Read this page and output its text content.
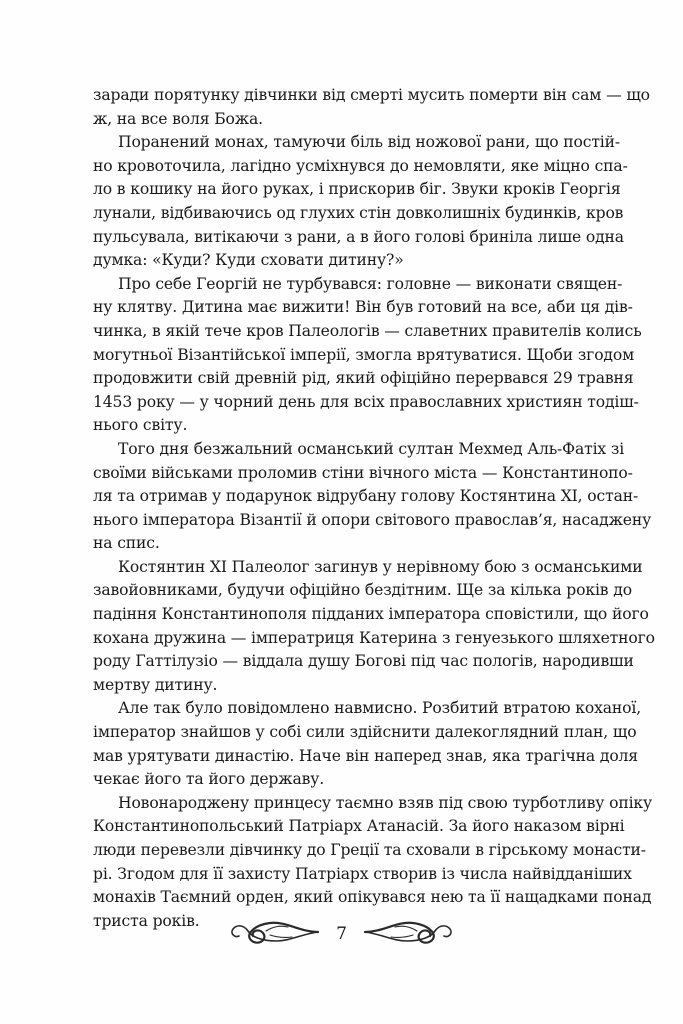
заради порятунку дівчинки від смерті мусить померти він сам — що
ж, на все воля Божа.
Поранений монах, тамуючи біль від ножової рани, що постій-
но кровоточила, лагідно усміхнувся до немовляти, яке міцно спа-
ло в кошику на його руках, і прискорив біг. Звуки кроків Георгія
лунали, відбиваючись од глухих стін довколишніх будинків, кров
пульсувала, витікаючи з рани, а в його голові бриніла лише одна
думка: «Куди? Куди сховати дитину?»
Про себе Георгій не турбувався: головне — виконати священ-
ну клятву. Дитина має вижити! Він був готовий на все, аби ця дів-
чинка, в якій тече кров Палеологів — славетних правителів колись
могутньої Візантійської імперії, змогла врятуватися. Щоби згодом
продовжити свій древній рід, який офіційно перервався 29 травня
1453 року — у чорний день для всіх православних християн тодіш-
нього світу.
Того дня безжальний османський султан Мехмед Аль-Фатіх зі
своїми військами проломив стіни вічного міста — Константинопо-
ля та отримав у подарунок відрубану голову Костянтина XI, остан-
нього імператора Візантії й опори світового православ’я, насаджену
на спис.
Костянтин XI Палеолог загинув у нерівному бою з османськими
завойовниками, будучи офіційно бездітним. Ще за кілька років до
падіння Константинополя підданих імператора сповістили, що його
кохана дружина — імператриця Катерина з генуезького шляхетного
роду Гаттілузіо — віддала душу Богові під час пологів, народивши
мертву дитину.
Але так було повідомлено навмисно. Розбитий втратою коханої,
імператор знайшов у собі сили здійснити далекоглядний план, що
мав урятувати династію. Наче він наперед знав, яка трагічна доля
чекає його та його державу.
Новонароджену принцесу таємно взяв під свою турботливу опіку
Константинопольський Патріарх Атанасій. За його наказом вірні
люди перевезли дівчинку до Греції та сховали в гірському монасти-
рі. Згодом для її захисту Патріарх створив із числа найвідданіших
монахів Таємний орден, який опікувався нею та її нащадками понад
триста років.
7
